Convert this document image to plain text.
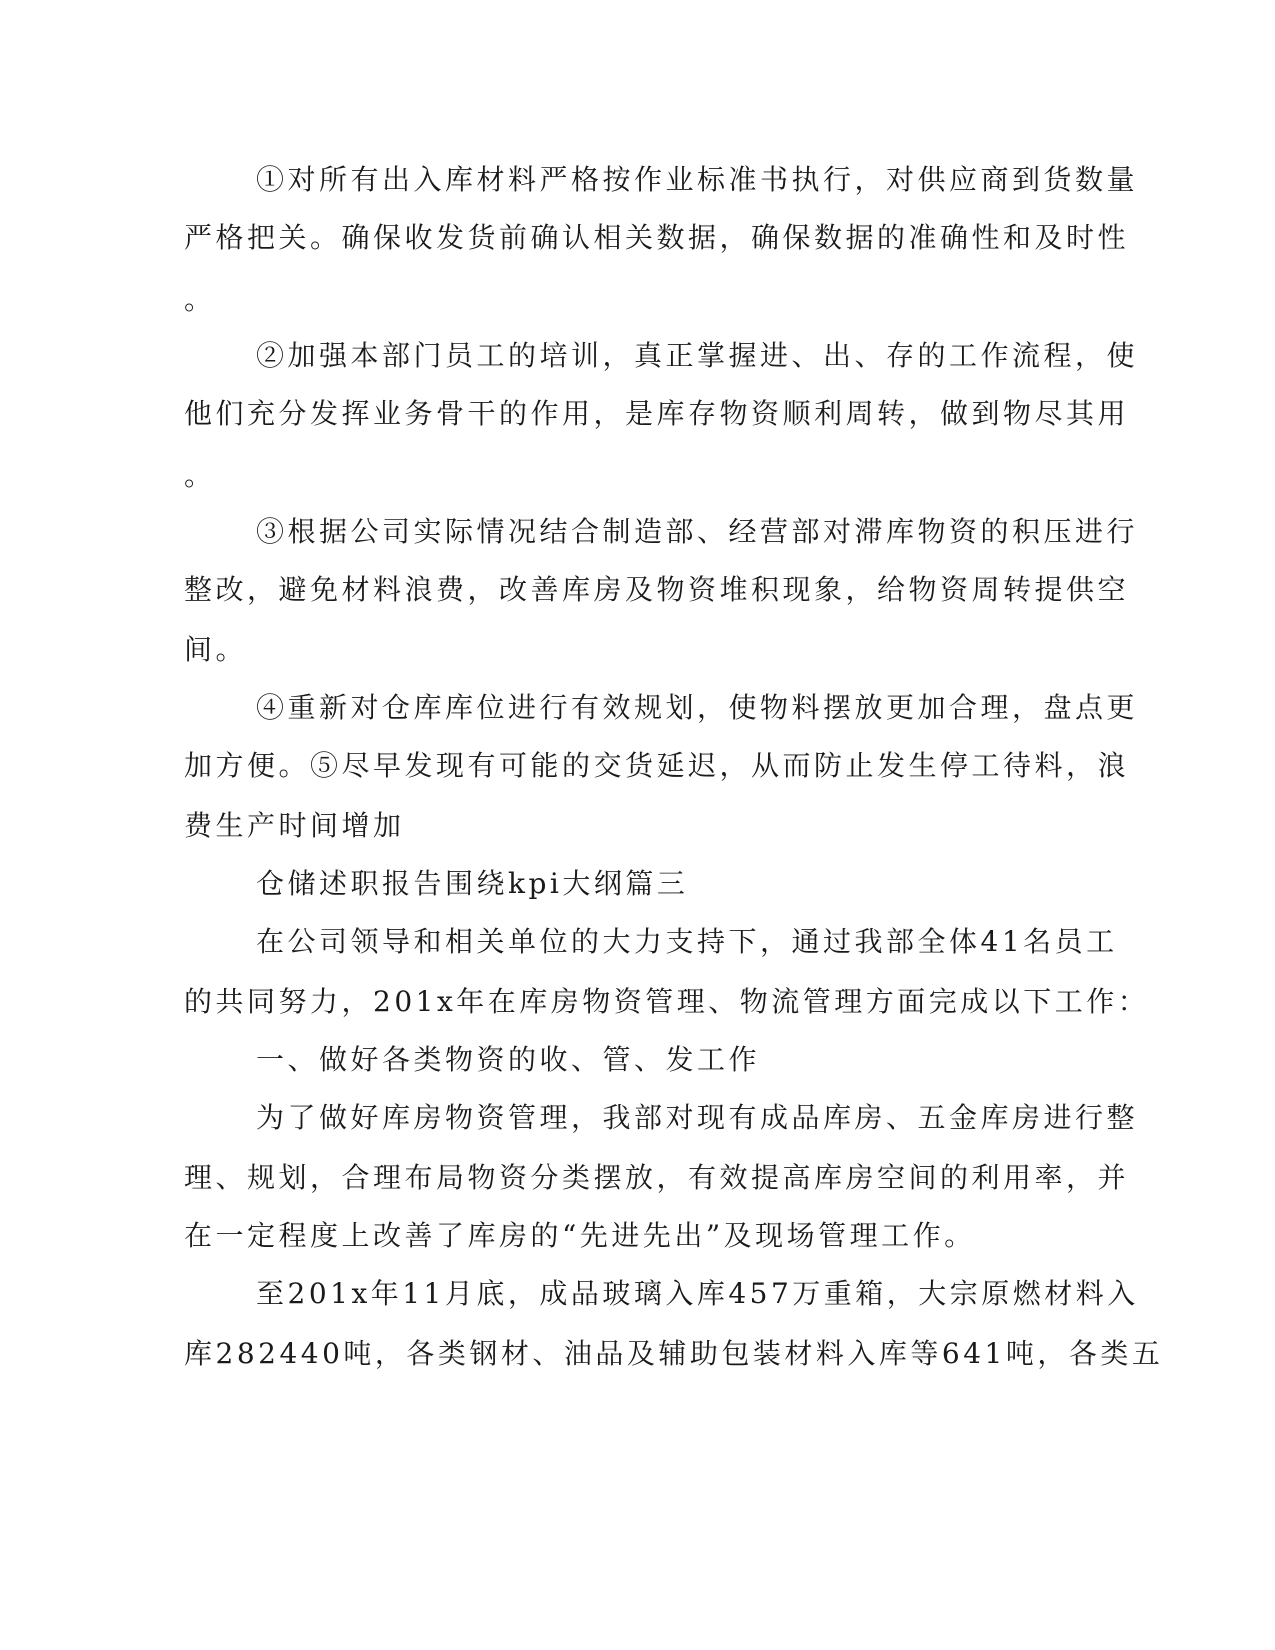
①对所有出入库材料严格按作业标准书执行，对供应商到货数量
严格把关。确保收发货前确认相关数据，确保数据的准确性和及时性
。
②加强本部门员工的培训，真正掌握进、出、存的工作流程，使
他们充分发挥业务骨干的作用，是库存物资顺利周转，做到物尽其用
。
③根据公司实际情况结合制造部、经营部对滞库物资的积压进行
整改，避免材料浪费，改善库房及物资堆积现象，给物资周转提供空
间。
④重新对仓库库位进行有效规划，使物料摆放更加合理，盘点更
加方便。⑤尽早发现有可能的交货延迟，从而防止发生停工待料，浪
费生产时间增加
仓储述职报告围绕kpi大纲篇三
在公司领导和相关单位的大力支持下，通过我部全体41名员工
的共同努力，201x年在库房物资管理、物流管理方面完成以下工作：
一、做好各类物资的收、管、发工作
为了做好库房物资管理，我部对现有成品库房、五金库房进行整
理、规划，合理布局物资分类摆放，有效提高库房空间的利用率，并
在一定程度上改善了库房的“先进先出”及现场管理工作。
至201x年11月底，成品玻璃入库457万重箱，大宗原燃材料入
库282440吨，各类钢材、油品及辅助包装材料入库等641吨，各类五
